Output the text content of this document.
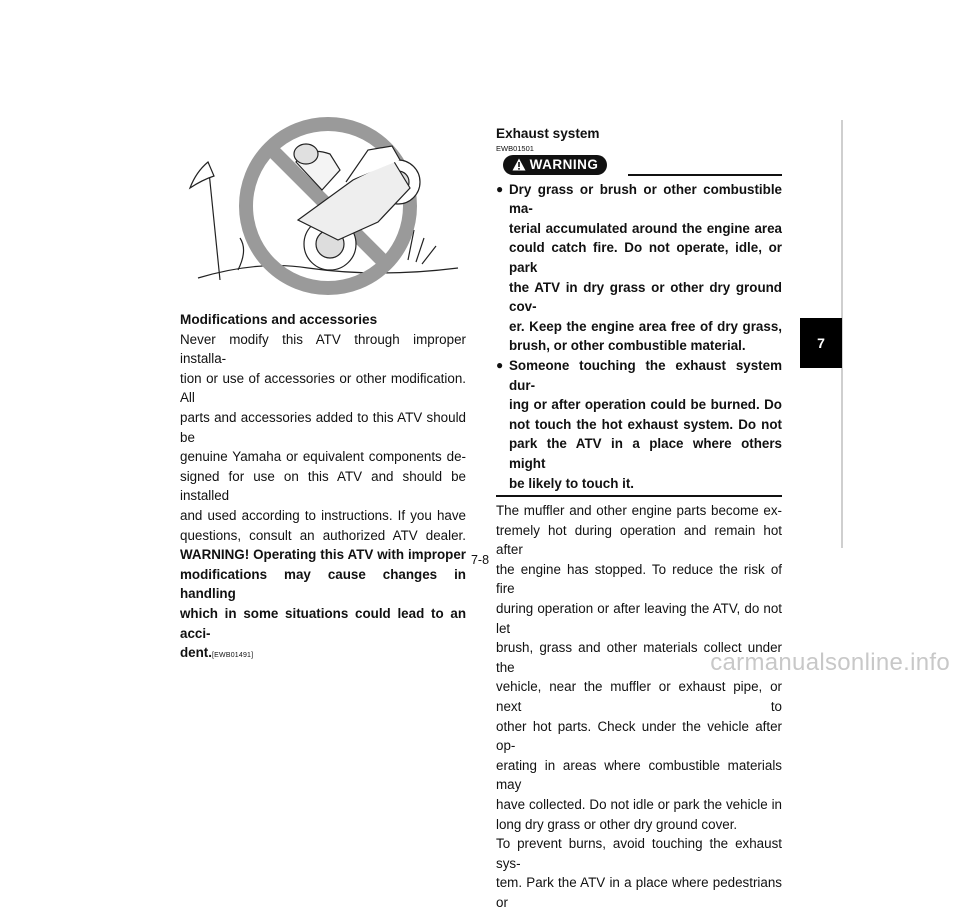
Modifications and accessories
Never modify this ATV through improper installa-
tion or use of accessories or other modification. All
parts and accessories added to this ATV should be
genuine Yamaha or equivalent components de-
signed for use on this ATV and should be installed
and used according to instructions. If you have
questions, consult an authorized ATV dealer.
WARNING! Operating this ATV with improper
modifications may cause changes in handling
which in some situations could lead to an acci-
dent.[EWB01491]
Exhaust system
EWB01501
WARNING
● Dry grass or brush or other combustible ma-
terial accumulated around the engine area
could catch fire. Do not operate, idle, or park
the ATV in dry grass or other dry ground cov-
er. Keep the engine area free of dry grass,
brush, or other combustible material.
● Someone touching the exhaust system dur-
ing or after operation could be burned. Do
not touch the hot exhaust system. Do not
park the ATV in a place where others might
be likely to touch it.
The muffler and other engine parts become ex-
tremely hot during operation and remain hot after
the engine has stopped. To reduce the risk of fire
during operation or after leaving the ATV, do not let
brush, grass and other materials collect under the
vehicle, near the muffler or exhaust pipe, or next to
other hot parts. Check under the vehicle after op-
erating in areas where combustible materials may
have collected. Do not idle or park the vehicle in
long dry grass or other dry ground cover.
To prevent burns, avoid touching the exhaust sys-
tem. Park the ATV in a place where pedestrians or
7-8
7
carmanualsonline.info
